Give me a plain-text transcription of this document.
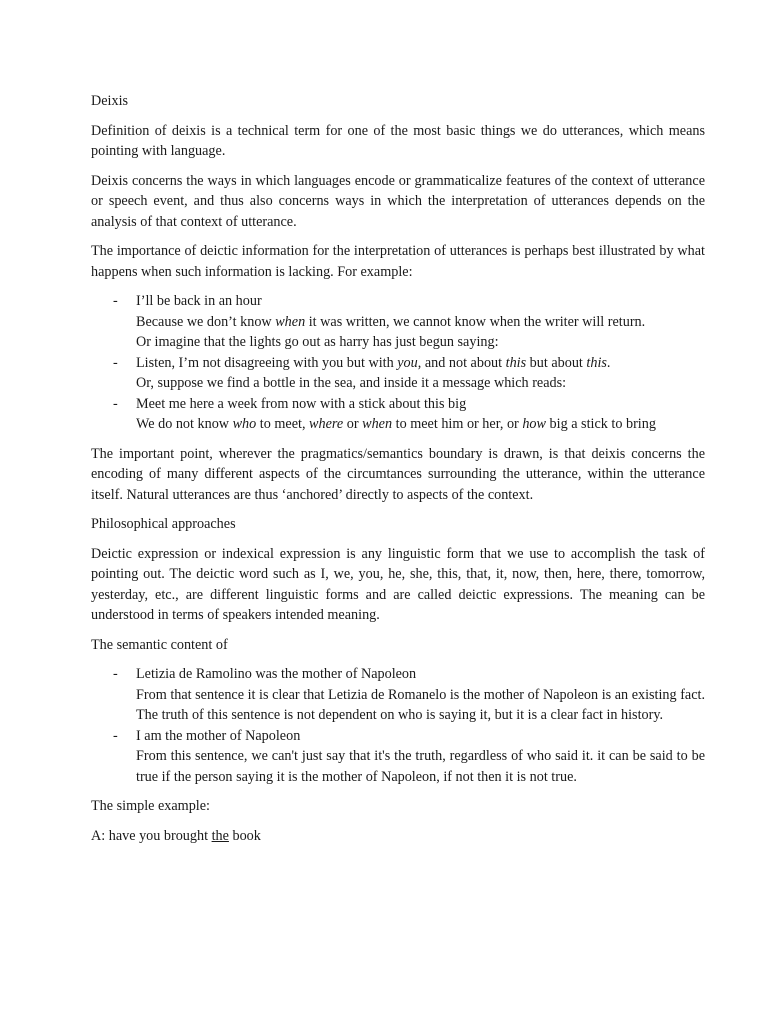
Deixis

Definition of deixis is a technical term for one of the most basic things we do utterances, which means pointing with language.

Deixis concerns the ways in which languages encode or grammaticalize features of the context of utterance or speech event, and thus also concerns ways in which the interpretation of utterances depends on the analysis of that context of utterance.

The importance of deictic information for the interpretation of utterances is perhaps best illustrated by what happens when such information is lacking. For example:

- I’ll be back in an hour
Because we don’t know when it was written, we cannot know when the writer will return.
Or imagine that the lights go out as harry has just begun saying:
- Listen, I’m not disagreeing with you but with you, and not about this but about this.
Or, suppose we find a bottle in the sea, and inside it a message which reads:
- Meet me here a week from now with a stick about this big
We do not know who to meet, where or when to meet him or her, or how big a stick to bring

The important point, wherever the pragmatics/semantics boundary is drawn, is that deixis concerns the encoding of many different aspects of the circumtances surrounding the utterance, within the utterance itself. Natural utterances are thus ‘anchored’ directly to aspects of the context.

Philosophical approaches

Deictic expression or indexical expression is any linguistic form that we use to accomplish the task of pointing out. The deictic word such as I, we, you, he, she, this, that, it, now, then, here, there, tomorrow, yesterday, etc., are different linguistic forms and are called deictic expressions. The meaning can be understood in terms of speakers intended meaning.

The semantic content of

- Letizia de Ramolino was the mother of Napoleon
From that sentence it is clear that Letizia de Romanelo is the mother of Napoleon is an existing fact. The truth of this sentence is not dependent on who is saying it, but it is a clear fact in history.
- I am the mother of Napoleon
From this sentence, we can't just say that it's the truth, regardless of who said it. it can be said to be true if the person saying it is the mother of Napoleon, if not then it is not true.

The simple example:

A: have you brought the book
